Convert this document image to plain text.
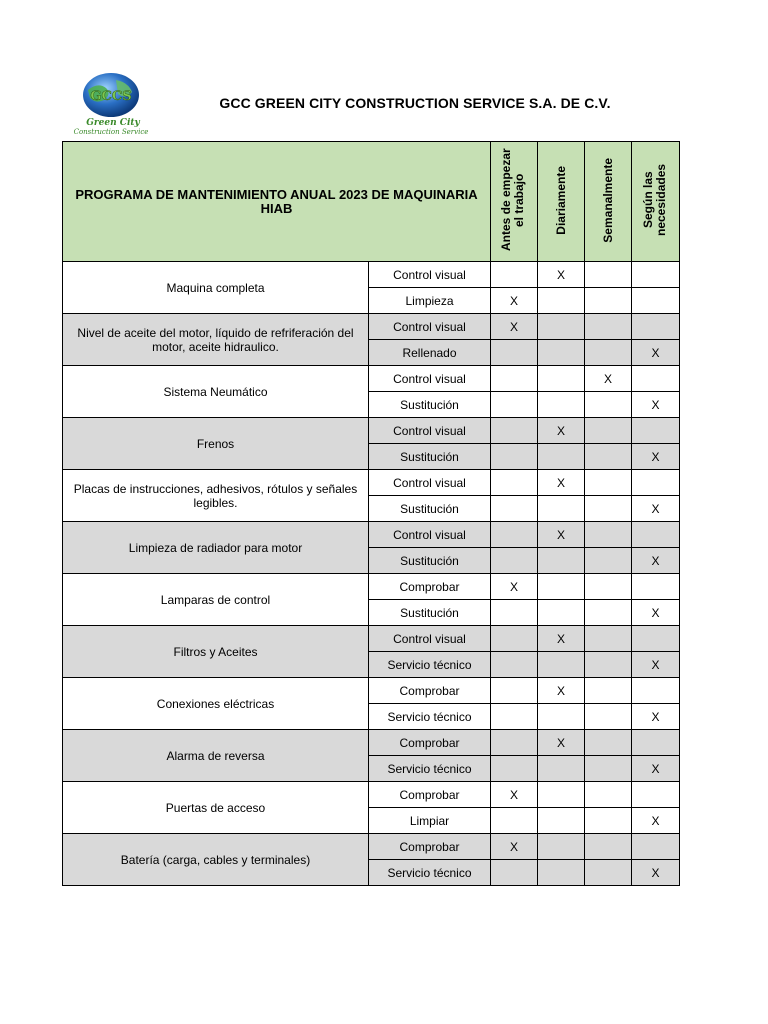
GCCS
Green City
Construction Service
GCC GREEN CITY CONSTRUCTION SERVICE S.A. DE C.V.
PROGRAMA DE MANTENIMIENTO ANUAL 2023 DE MAQUINARIA HIAB		Antes de empezar el trabajo	Diariamente	Semanalmente	Según las necesidades
Maquina completa	Control visual		X		
	Limpieza	X			
Nivel de aceite del motor, líquido de refriferación del motor, aceite hidraulico.	Control visual	X			
	Rellenado				X
Sistema Neumático	Control visual			X	
	Sustitución				X
Frenos	Control visual		X		
	Sustitución				X
Placas de instrucciones, adhesivos, rótulos y señales legibles.	Control visual		X		
	Sustitución				X
Limpieza de radiador para motor	Control visual		X		
	Sustitución				X
Lamparas de control	Comprobar	X			
	Sustitución				X
Filtros y Aceites	Control visual		X		
	Servicio técnico				X
Conexiones eléctricas	Comprobar		X		
	Servicio técnico				X
Alarma de reversa	Comprobar		X		
	Servicio técnico				X
Puertas de acceso	Comprobar	X			
	Limpiar				X
Batería (carga, cables y terminales)	Comprobar	X			
	Servicio técnico				X
